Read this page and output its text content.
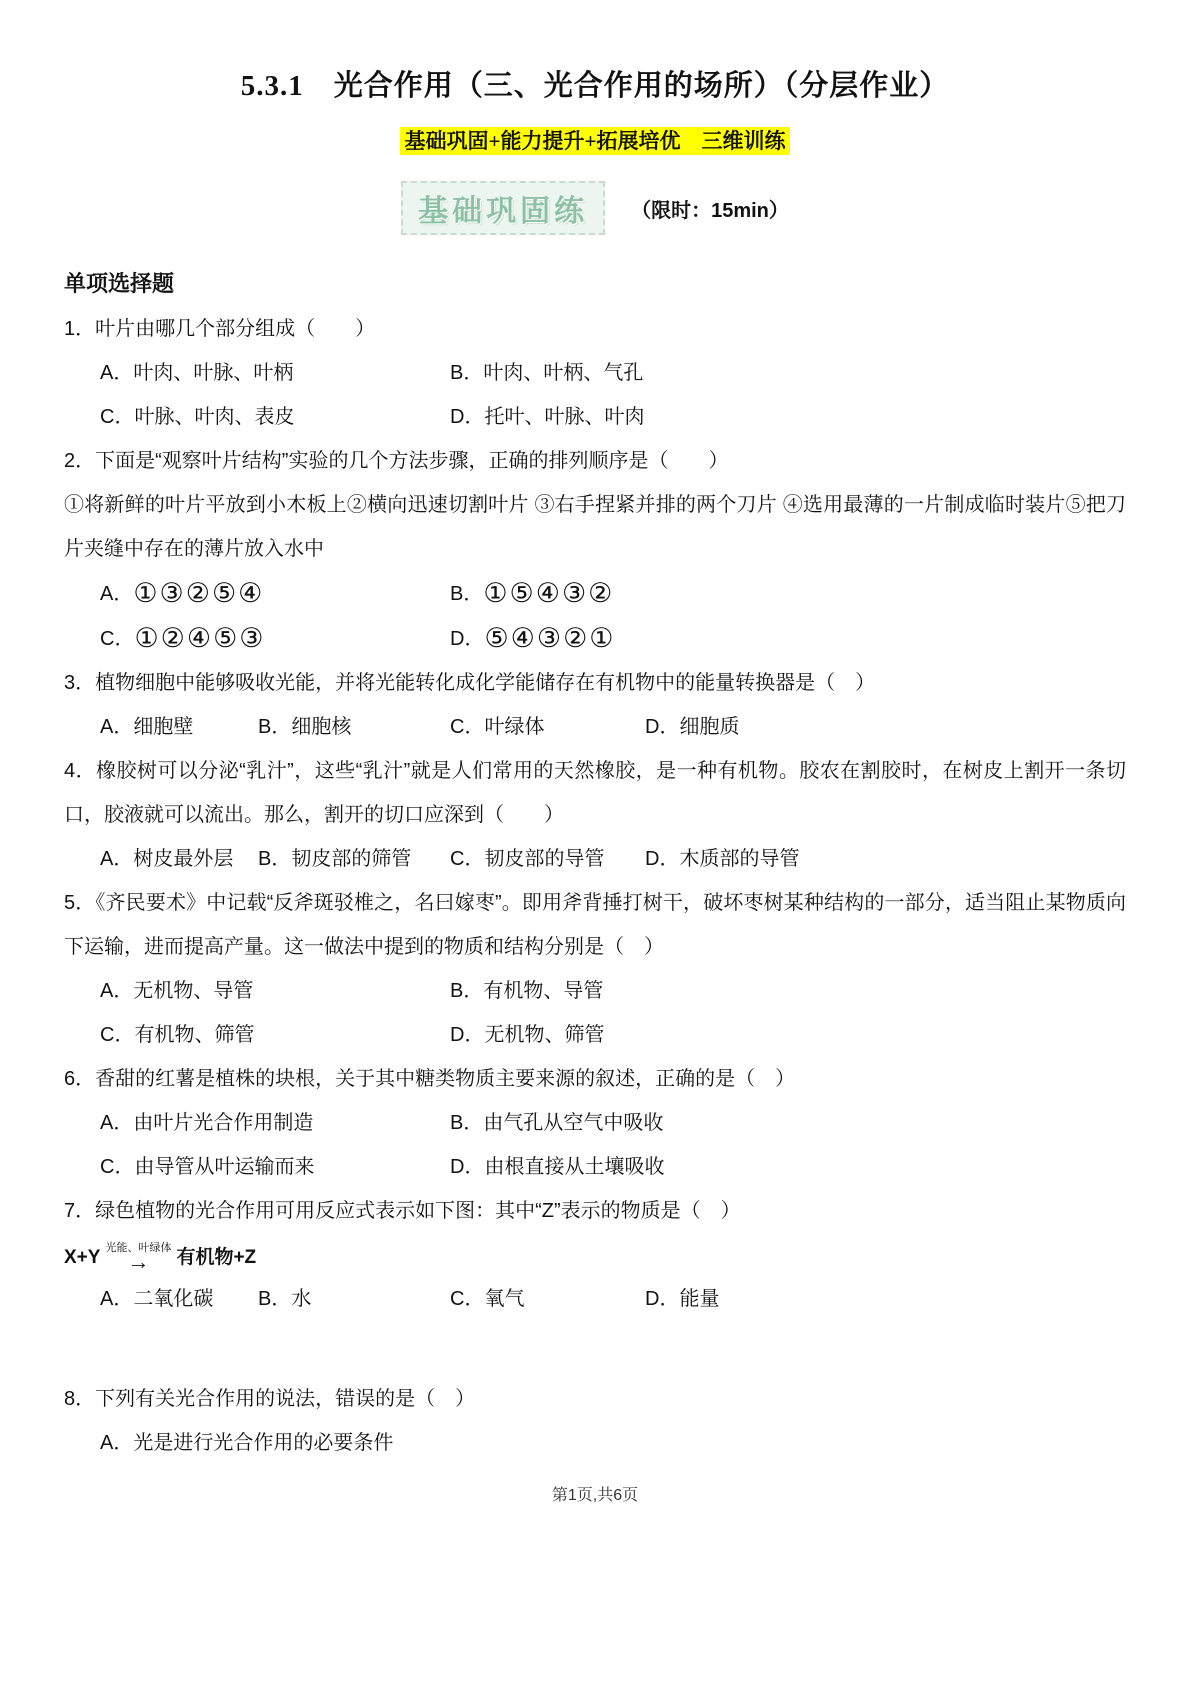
5.3.1　光合作用（三、光合作用的场所）（分层作业）
基础巩固+能力提升+拓展培优　三维训练
基础巩固练	（限时：15min）
单项选择题

1．叶片由哪几个部分组成（　　）

A．叶肉、叶脉、叶柄	B．叶肉、叶柄、气孔
C．叶脉、叶肉、表皮	D．托叶、叶脉、叶肉

2．下面是“观察叶片结构”实验的几个方法步骤，正确的排列顺序是（　　）

①将新鲜的叶片平放到小木板上②横向迅速切割叶片 ③右手捏紧并排的两个刀片 ④选用最薄的一片制成临时装片⑤把刀片夹缝中存在的薄片放入水中

A．①③②⑤④	B．①⑤④③②
C．①②④⑤③	D．⑤④③②①

3．植物细胞中能够吸收光能，并将光能转化成化学能储存在有机物中的能量转换器是（　）

A．细胞壁	B．细胞核	C．叶绿体	D．细胞质

4．橡胶树可以分泌“乳汁”，这些“乳汁”就是人们常用的天然橡胶，是一种有机物。胶农在割胶时，在树皮上割开一条切口，胶液就可以流出。那么，割开的切口应深到（　　）

A．树皮最外层	B．韧皮部的筛管	C．韧皮部的导管	D．木质部的导管

5．《齐民要术》中记载“反斧斑驳椎之，名曰嫁枣”。即用斧背捶打树干，破坏枣树某种结构的一部分，适当阻止某物质向下运输，进而提高产量。这一做法中提到的物质和结构分别是（　）

A．无机物、导管	B．有机物、导管
C．有机物、筛管	D．无机物、筛管

6．香甜的红薯是植株的块根，关于其中糖类物质主要来源的叙述，正确的是（　）

A．由叶片光合作用制造	B．由气孔从空气中吸收
C．由导管从叶运输而来	D．由根直接从土壤吸收

7．绿色植物的光合作用可用反应式表示如下图：其中“Z”表示的物质是（　）

X+Y 光能、叶绿体
→ 有机物+Z
A．二氧化碳	B．水	C．氧气	D．能量

8．下列有关光合作用的说法，错误的是（　）

A．光是进行光合作用的必要条件
第1页,共6页
